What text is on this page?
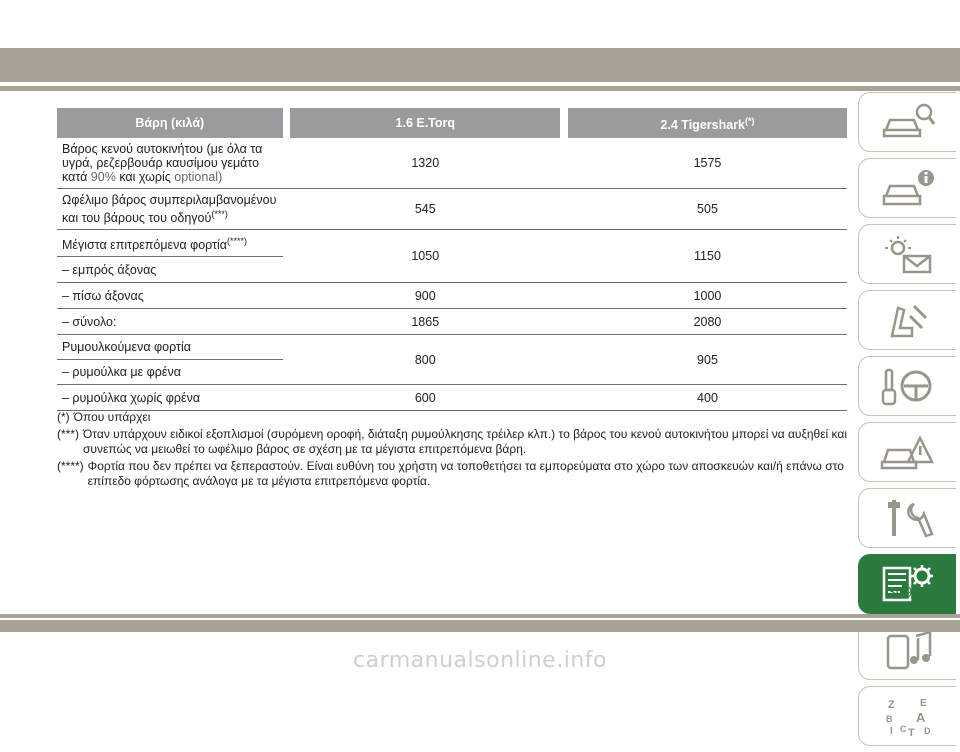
Βάρη (κιλά)		1.6 E.Torq		2.4 Tigershark(*)
Βάρος κενού αυτοκινήτου (με όλα τα
υγρά, ρεζερβουάρ καυσίμου γεμάτο
κατά 90% και χωρίς optional)		1320		1575
Ωφέλιμο βάρος συμπεριλαμβανομένου
και του βάρους του οδηγού(***)		545		505
Μέγιστα επιτρεπόμενα φορτία(****)		1050		1150
– εμπρός άξονας				
– πίσω άξονας		900		1000
– σύνολο:		1865		2080
Ρυμουλκούμενα φορτία		800		905
– ρυμούλκα με φρένα				
– ρυμούλκα χωρίς φρένα		600		400
(*) Όπου υπάρχει
(***) Όταν υπάρχουν ειδικοί εξοπλισμοί (συρόμενη οροφή, διάταξη ρυμούλκησης τρέιλερ κλπ.) το βάρος του κενού αυτοκινήτου μπορεί να αυξηθεί και συνεπώς να μειωθεί το ωφέλιμο βάρος σε σχέση με τα μέγιστα επιτρεπόμενα βάρη.
(****) Φορτία που δεν πρέπει να ξεπεραστούν. Είναι ευθύνη του χρήστη να τοποθετήσει τα εμπορεύματα στο χώρο των αποσκευών και/ή επάνω στο επίπεδο φόρτωσης ανάλογα με τα μέγιστα επιτρεπόμενα φορτία.
Z	E
B A
I C T D
309
carmanualsonline.info
